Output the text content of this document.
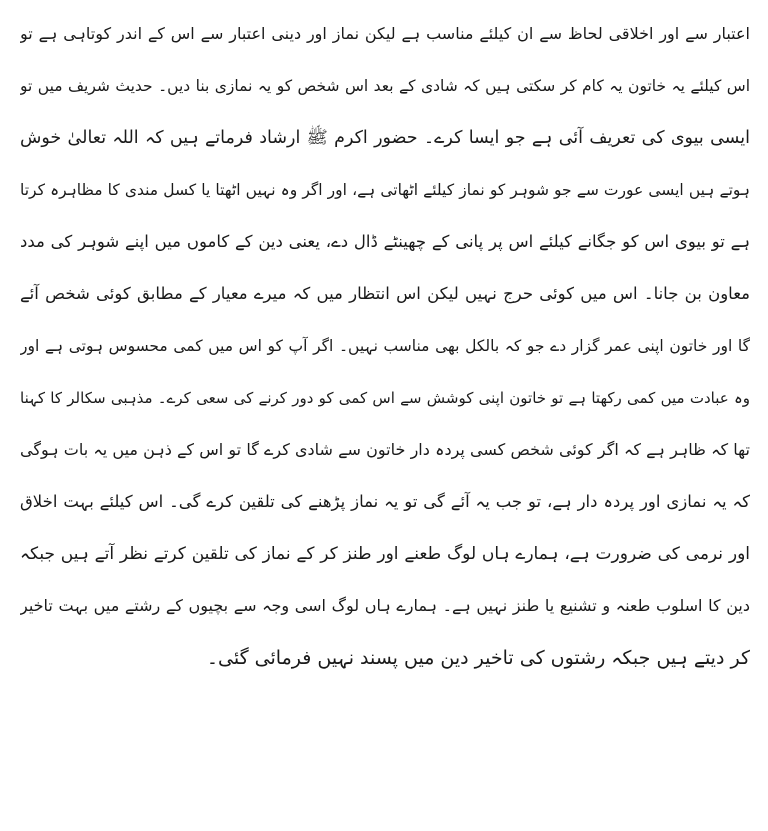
اعتبار سے اور اخلاقی لحاظ سے ان کیلئے مناسب ہے لیکن نماز اور دینی اعتبار سے اس کے اندر کوتاہی ہے تو
اس کیلئے یہ خاتون یہ کام کر سکتی ہیں کہ شادی کے بعد اس شخص کو یہ نمازی بنا دیں۔ حدیث شریف میں تو
ایسی بیوی کی تعریف آئی ہے جو ایسا کرے۔ حضور اکرم ﷺ ارشاد فرماتے ہیں کہ اللہ تعالیٰ خوش
ہوتے ہیں ایسی عورت سے جو شوہر کو نماز کیلئے اٹھاتی ہے، اور اگر وہ نہیں اٹھتا یا کسل مندی کا مظاہرہ کرتا
ہے تو بیوی اس کو جگانے کیلئے اس پر پانی کے چھینٹے ڈال دے، یعنی دین کے کاموں میں اپنے شوہر کی مدد
معاون بن جانا۔ اس میں کوئی حرج نہیں لیکن اس انتظار میں کہ میرے معیار کے مطابق کوئی شخص آئے
گا اور خاتون اپنی عمر گزار دے جو کہ بالکل بھی مناسب نہیں۔ اگر آپ کو اس میں کمی محسوس ہوتی ہے اور
وہ عبادت میں کمی رکھتا ہے تو خاتون اپنی کوشش سے اس کمی کو دور کرنے کی سعی کرے۔ مذہبی سکالر کا کہنا
تھا کہ ظاہر ہے کہ اگر کوئی شخص کسی پردہ دار خاتون سے شادی کرے گا تو اس کے ذہن میں یہ بات ہوگی
کہ یہ نمازی اور پردہ دار ہے، تو جب یہ آئے گی تو یہ نماز پڑھنے کی تلقین کرے گی۔ اس کیلئے بہت اخلاق
اور نرمی کی ضرورت ہے، ہمارے ہاں لوگ طعنے اور طنز کر کے نماز کی تلقین کرتے نظر آتے ہیں جبکہ
دین کا اسلوب طعنہ و تشنیع یا طنز نہیں ہے۔ ہمارے ہاں لوگ اسی وجہ سے بچیوں کے رشتے میں بہت تاخیر
کر دیتے ہیں جبکہ رشتوں کی تاخیر دین میں پسند نہیں فرمائی گئی۔
